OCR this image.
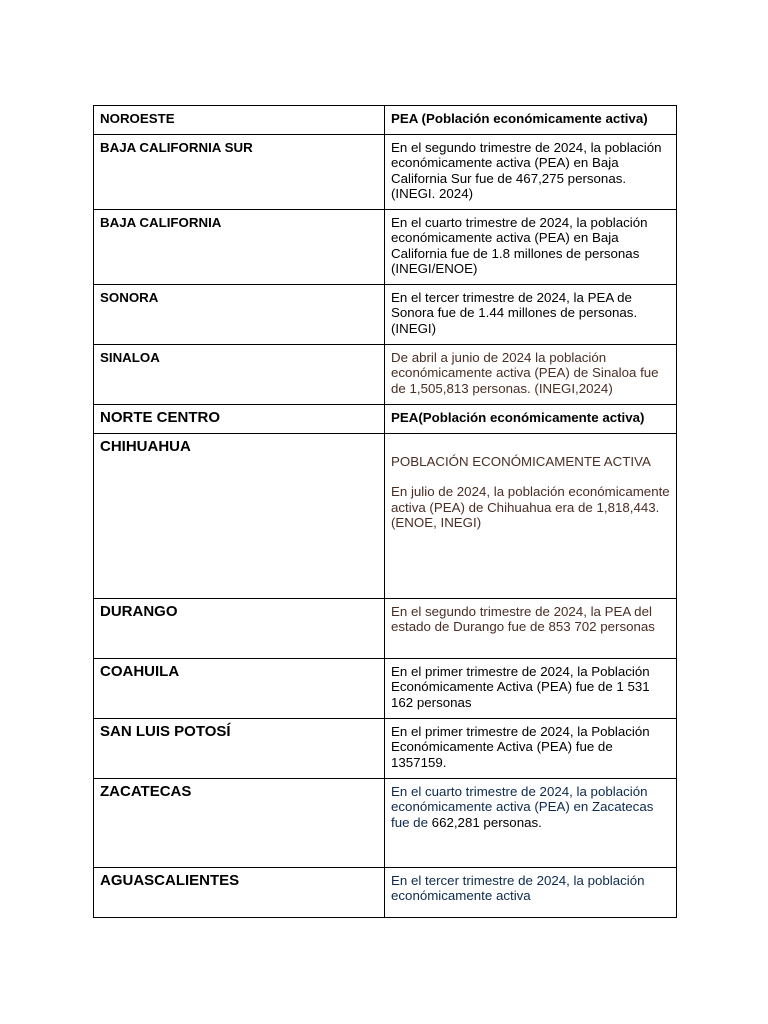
NOROESTE	PEA (Población económicamente activa)
BAJA CALIFORNIA SUR	En el segundo trimestre de 2024, la población económicamente activa (PEA) en Baja California Sur fue de 467,275 personas.(INEGI. 2024)
BAJA CALIFORNIA	En el cuarto trimestre de 2024, la población económicamente activa (PEA) en Baja California fue de 1.8 millones de personas (INEGI/ENOE)
SONORA	En el tercer trimestre de 2024, la PEA de Sonora fue de 1.44 millones de personas. (INEGI)
SINALOA	De abril a junio de 2024 la población económicamente activa (PEA) de Sinaloa fue de 1,505,813 personas. (INEGI,2024)
NORTE CENTRO	PEA(Población económicamente activa)
CHIHUAHUA	POBLACIÓN ECONÓMICAMENTE ACTIVA

En julio de 2024, la población económicamente activa (PEA) de Chihuahua era de 1,818,443. (ENOE, INEGI)

DURANGO	En el segundo trimestre de 2024, la PEA del estado de Durango fue de 853 702 personas
COAHUILA	En el primer trimestre de 2024, la Población Económicamente Activa (PEA) fue de 1 531 162 personas
SAN LUIS POTOSÍ	En el primer trimestre de 2024, la Población Económicamente Activa (PEA) fue de 1357159.
ZACATECAS	En el cuarto trimestre de 2024, la población económicamente activa (PEA) en Zacatecas fue de 662,281 personas.
AGUASCALIENTES	En el tercer trimestre de 2024, la población económicamente activa
